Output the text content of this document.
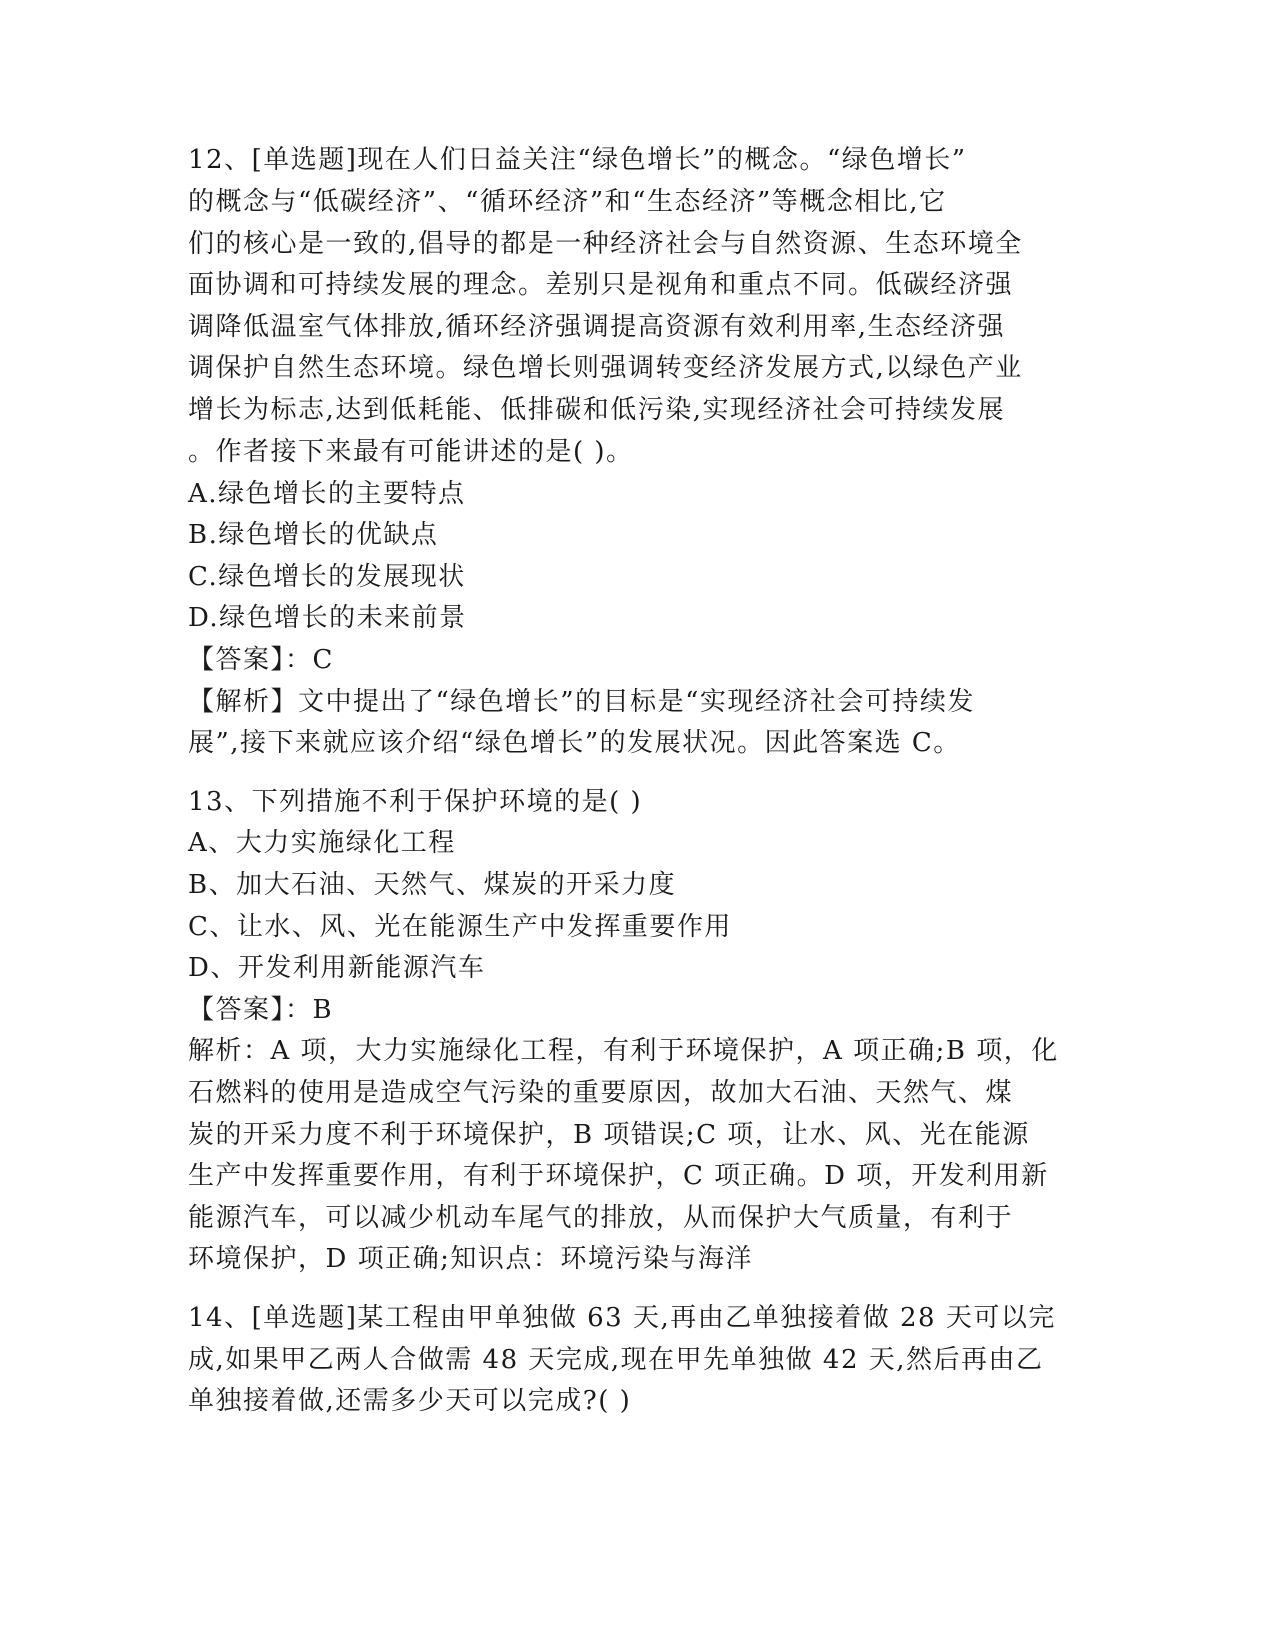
12、[单选题]现在人们日益关注“绿色增长”的概念。“绿色增长”
的概念与“低碳经济”、“循环经济”和“生态经济”等概念相比,它
们的核心是一致的,倡导的都是一种经济社会与自然资源、生态环境全
面协调和可持续发展的理念。差别只是视角和重点不同。低碳经济强
调降低温室气体排放,循环经济强调提高资源有效利用率,生态经济强
调保护自然生态环境。绿色增长则强调转变经济发展方式,以绿色产业
增长为标志,达到低耗能、低排碳和低污染,实现经济社会可持续发展
。作者接下来最有可能讲述的是( )。
A.绿色增长的主要特点
B.绿色增长的优缺点
C.绿色增长的发展现状
D.绿色增长的未来前景
【答案】：C
【解析】文中提出了“绿色增长”的目标是“实现经济社会可持续发
展”,接下来就应该介绍“绿色增长”的发展状况。因此答案选 C。
13、下列措施不利于保护环境的是( )
A、大力实施绿化工程
B、加大石油、天然气、煤炭的开采力度
C、让水、风、光在能源生产中发挥重要作用
D、开发利用新能源汽车
【答案】：B
解析：A 项，大力实施绿化工程，有利于环境保护，A 项正确;B 项，化
石燃料的使用是造成空气污染的重要原因，故加大石油、天然气、煤
炭的开采力度不利于环境保护，B 项错误;C 项，让水、风、光在能源
生产中发挥重要作用，有利于环境保护，C 项正确。D 项，开发利用新
能源汽车，可以减少机动车尾气的排放，从而保护大气质量，有利于
环境保护，D 项正确;知识点：环境污染与海洋
14、[单选题]某工程由甲单独做 63 天,再由乙单独接着做 28 天可以完
成,如果甲乙两人合做需 48 天完成,现在甲先单独做 42 天,然后再由乙
单独接着做,还需多少天可以完成?( )
